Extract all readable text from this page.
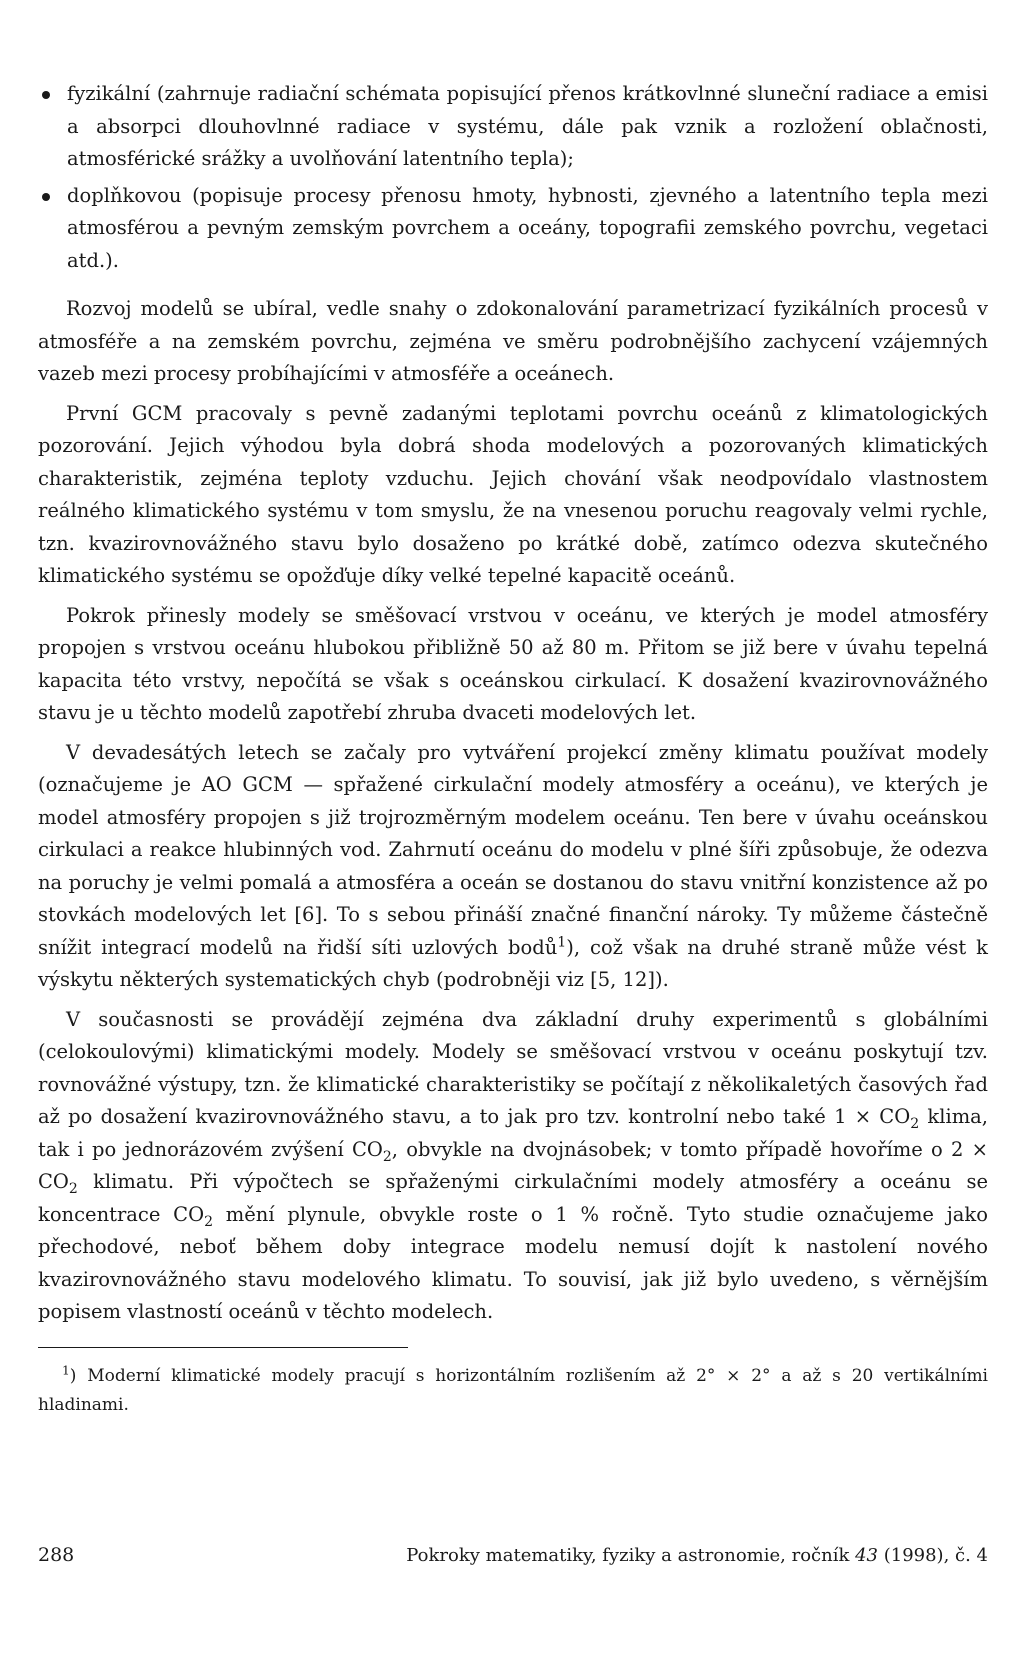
fyzikální (zahrnuje radiační schémata popisující přenos krátkovlnné sluneční radiace a emisi a absorpci dlouhovlnné radiace v systému, dále pak vznik a rozložení oblačnosti, atmosférické srážky a uvolňování latentního tepla);
doplňkovou (popisuje procesy přenosu hmoty, hybnosti, zjevného a latentního tepla mezi atmosférou a pevným zemským povrchem a oceány, topografii zemského povrchu, vegetaci atd.).

Rozvoj modelů se ubíral, vedle snahy o zdokonalování parametrizací fyzikálních procesů v atmosféře a na zemském povrchu, zejména ve směru podrobnějšího zachycení vzájemných vazeb mezi procesy probíhajícími v atmosféře a oceánech.

První GCM pracovaly s pevně zadanými teplotami povrchu oceánů z klimatologických pozorování. Jejich výhodou byla dobrá shoda modelových a pozorovaných klimatických charakteristik, zejména teploty vzduchu. Jejich chování však neodpovídalo vlastnostem reálného klimatického systému v tom smyslu, že na vnesenou poruchu reagovaly velmi rychle, tzn. kvazirovnovážného stavu bylo dosaženo po krátké době, zatímco odezva skutečného klimatického systému se opožďuje díky velké tepelné kapacitě oceánů.

Pokrok přinesly modely se směšovací vrstvou v oceánu, ve kterých je model atmosféry propojen s vrstvou oceánu hlubokou přibližně 50 až 80 m. Přitom se již bere v úvahu tepelná kapacita této vrstvy, nepočítá se však s oceánskou cirkulací. K dosažení kvazirovnovážného stavu je u těchto modelů zapotřebí zhruba dvaceti modelových let.

V devadesátých letech se začaly pro vytváření projekcí změny klimatu používat modely (označujeme je AO GCM — spřažené cirkulační modely atmosféry a oceánu), ve kterých je model atmosféry propojen s již trojrozměrným modelem oceánu. Ten bere v úvahu oceánskou cirkulaci a reakce hlubinných vod. Zahrnutí oceánu do modelu v plné šíři způsobuje, že odezva na poruchy je velmi pomalá a atmosféra a oceán se dostanou do stavu vnitřní konzistence až po stovkách modelových let [6]. To s sebou přináší značné finanční nároky. Ty můžeme částečně snížit integrací modelů na řidší síti uzlových bodů$^1$), což však na druhé straně může vést k výskytu některých systematických chyb (podrobněji viz [5, 12]).

V současnosti se provádějí zejména dva základní druhy experimentů s globálními (celokoulovými) klimatickými modely. Modely se směšovací vrstvou v oceánu poskytují tzv. rovnovážné výstupy, tzn. že klimatické charakteristiky se počítají z několikaletých časových řad až po dosažení kvazirovnovážného stavu, a to jak pro tzv. kontrolní nebo také $1 \times CO_2$ klima, tak i po jednorázovém zvýšení $CO_2$, obvykle na dvojnásobek; v tomto případě hovoříme o $2 \times CO_2$ klimatu. Při výpočtech se spřaženými cirkulačními modely atmosféry a oceánu se koncentrace $CO_2$ mění plynule, obvykle roste o 1 % ročně. Tyto studie označujeme jako přechodové, neboť během doby integrace modelu nemusí dojít k nastolení nového kvazirovnovážného stavu modelového klimatu. To souvisí, jak již bylo uvedeno, s věrnějším popisem vlastností oceánů v těchto modelech.

$^1$) Moderní klimatické modely pracují s horizontálním rozlišením až 2° × 2° a až s 20 vertikálními hladinami.

288	Pokroky matematiky, fyziky a astronomie, ročník 43 (1998), č. 4
